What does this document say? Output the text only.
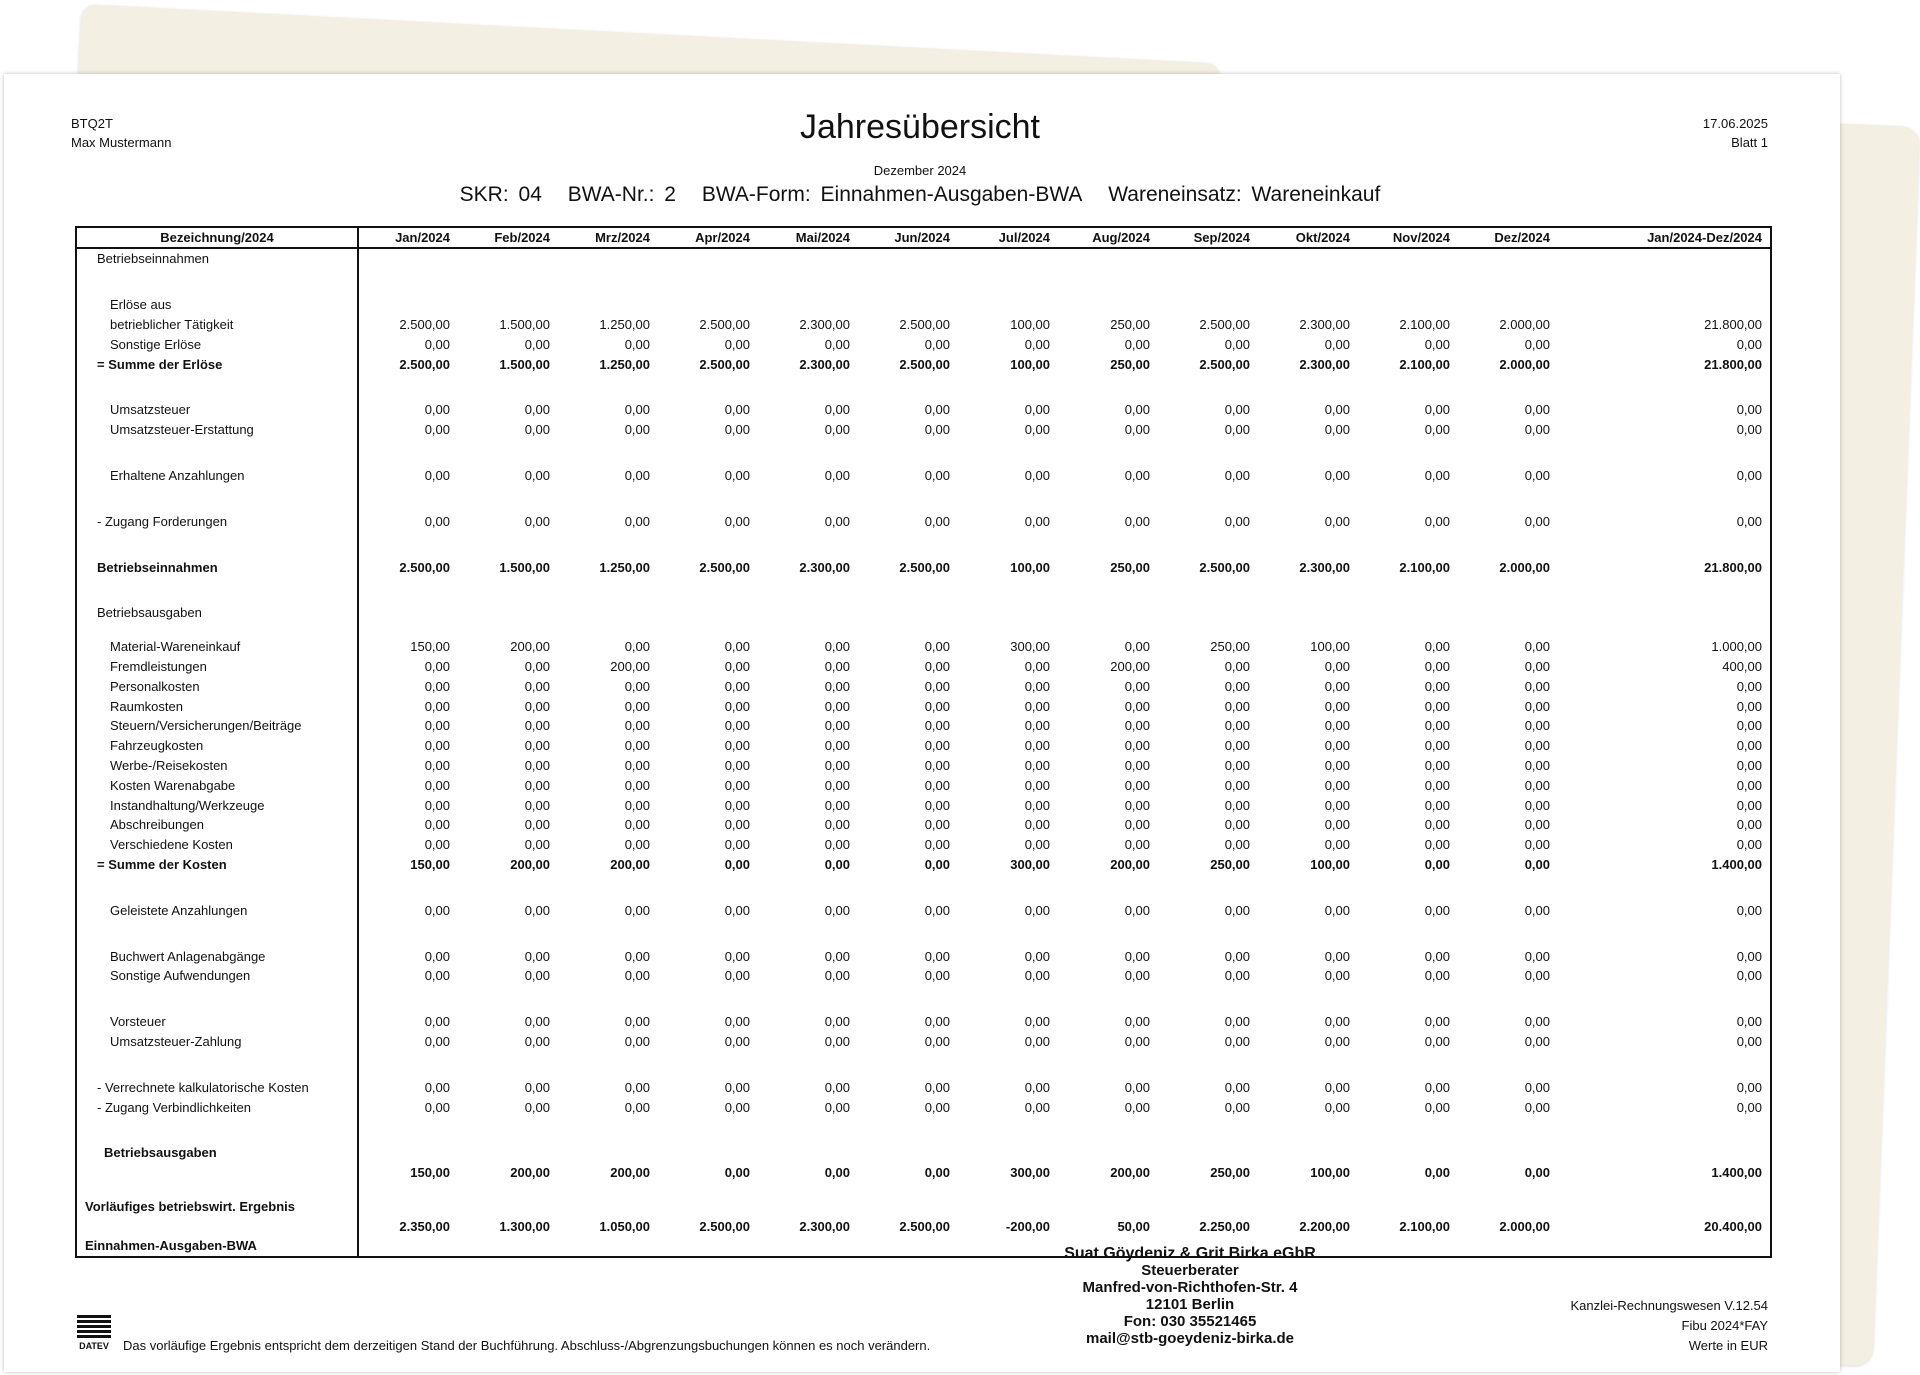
BTQ2T
Max Mustermann	Jahresübersicht
Dezember 2024
SKR: 04 BWA-Nr.: 2 BWA-Form: Einnahmen-Ausgaben-BWA Wareneinsatz: Wareneinkauf
17.06.2025
Blatt 1
Bezeichnung/2024	Jan/2024	Feb/2024	Mrz/2024	Apr/2024	Mai/2024	Jun/2024	Jul/2024	Aug/2024	Sep/2024	Okt/2024	Nov/2024	Dez/2024	Jan/2024-Dez/2024
Betriebseinnahmen													

Erlöse aus													
betrieblicher Tätigkeit	2.500,00	1.500,00	1.250,00	2.500,00	2.300,00	2.500,00	100,00	250,00	2.500,00	2.300,00	2.100,00	2.000,00	21.800,00
Sonstige Erlöse	0,00	0,00	0,00	0,00	0,00	0,00	0,00	0,00	0,00	0,00	0,00	0,00	0,00
= Summe der Erlöse	2.500,00	1.500,00	1.250,00	2.500,00	2.300,00	2.500,00	100,00	250,00	2.500,00	2.300,00	2.100,00	2.000,00	21.800,00

Umsatzsteuer	0,00	0,00	0,00	0,00	0,00	0,00	0,00	0,00	0,00	0,00	0,00	0,00	0,00
Umsatzsteuer-Erstattung	0,00	0,00	0,00	0,00	0,00	0,00	0,00	0,00	0,00	0,00	0,00	0,00	0,00

Erhaltene Anzahlungen	0,00	0,00	0,00	0,00	0,00	0,00	0,00	0,00	0,00	0,00	0,00	0,00	0,00

- Zugang Forderungen	0,00	0,00	0,00	0,00	0,00	0,00	0,00	0,00	0,00	0,00	0,00	0,00	0,00

Betriebseinnahmen	2.500,00	1.500,00	1.250,00	2.500,00	2.300,00	2.500,00	100,00	250,00	2.500,00	2.300,00	2.100,00	2.000,00	21.800,00

Betriebsausgaben													

Material-Wareneinkauf	150,00	200,00	0,00	0,00	0,00	0,00	300,00	0,00	250,00	100,00	0,00	0,00	1.000,00
Fremdleistungen	0,00	0,00	200,00	0,00	0,00	0,00	0,00	200,00	0,00	0,00	0,00	0,00	400,00
Personalkosten	0,00	0,00	0,00	0,00	0,00	0,00	0,00	0,00	0,00	0,00	0,00	0,00	0,00
Raumkosten	0,00	0,00	0,00	0,00	0,00	0,00	0,00	0,00	0,00	0,00	0,00	0,00	0,00
Steuern/Versicherungen/Beiträge	0,00	0,00	0,00	0,00	0,00	0,00	0,00	0,00	0,00	0,00	0,00	0,00	0,00
Fahrzeugkosten	0,00	0,00	0,00	0,00	0,00	0,00	0,00	0,00	0,00	0,00	0,00	0,00	0,00
Werbe-/Reisekosten	0,00	0,00	0,00	0,00	0,00	0,00	0,00	0,00	0,00	0,00	0,00	0,00	0,00
Kosten Warenabgabe	0,00	0,00	0,00	0,00	0,00	0,00	0,00	0,00	0,00	0,00	0,00	0,00	0,00
Instandhaltung/Werkzeuge	0,00	0,00	0,00	0,00	0,00	0,00	0,00	0,00	0,00	0,00	0,00	0,00	0,00
Abschreibungen	0,00	0,00	0,00	0,00	0,00	0,00	0,00	0,00	0,00	0,00	0,00	0,00	0,00
Verschiedene Kosten	0,00	0,00	0,00	0,00	0,00	0,00	0,00	0,00	0,00	0,00	0,00	0,00	0,00
= Summe der Kosten	150,00	200,00	200,00	0,00	0,00	0,00	300,00	200,00	250,00	100,00	0,00	0,00	1.400,00

Geleistete Anzahlungen	0,00	0,00	0,00	0,00	0,00	0,00	0,00	0,00	0,00	0,00	0,00	0,00	0,00

Buchwert Anlagenabgänge	0,00	0,00	0,00	0,00	0,00	0,00	0,00	0,00	0,00	0,00	0,00	0,00	0,00
Sonstige Aufwendungen	0,00	0,00	0,00	0,00	0,00	0,00	0,00	0,00	0,00	0,00	0,00	0,00	0,00

Vorsteuer	0,00	0,00	0,00	0,00	0,00	0,00	0,00	0,00	0,00	0,00	0,00	0,00	0,00
Umsatzsteuer-Zahlung	0,00	0,00	0,00	0,00	0,00	0,00	0,00	0,00	0,00	0,00	0,00	0,00	0,00

- Verrechnete kalkulatorische Kosten	0,00	0,00	0,00	0,00	0,00	0,00	0,00	0,00	0,00	0,00	0,00	0,00	0,00
- Zugang Verbindlichkeiten	0,00	0,00	0,00	0,00	0,00	0,00	0,00	0,00	0,00	0,00	0,00	0,00	0,00

Betriebsausgaben													
	150,00	200,00	200,00	0,00	0,00	0,00	300,00	200,00	250,00	100,00	0,00	0,00	1.400,00

Vorläufiges betriebswirt. Ergebnis													
	2.350,00	1.300,00	1.050,00	2.500,00	2.300,00	2.500,00	-200,00	50,00	2.250,00	2.200,00	2.100,00	2.000,00	20.400,00
Einnahmen-Ausgaben-BWA														Suat Göydeniz & Grit Birka eGbR
Steuerberater
Manfred-von-Richthofen-Str. 4
12101 Berlin
Fon: 030 35521465
mail@stb-goeydeniz-birka.de
DATEV Das vorläufige Ergebnis entspricht dem derzeitigen Stand der Buchführung. Abschluss-/Abgrenzungsbuchungen können es noch verändern.
Kanzlei-Rechnungswesen V.12.54
Fibu 2024*FAY
Werte in EUR
